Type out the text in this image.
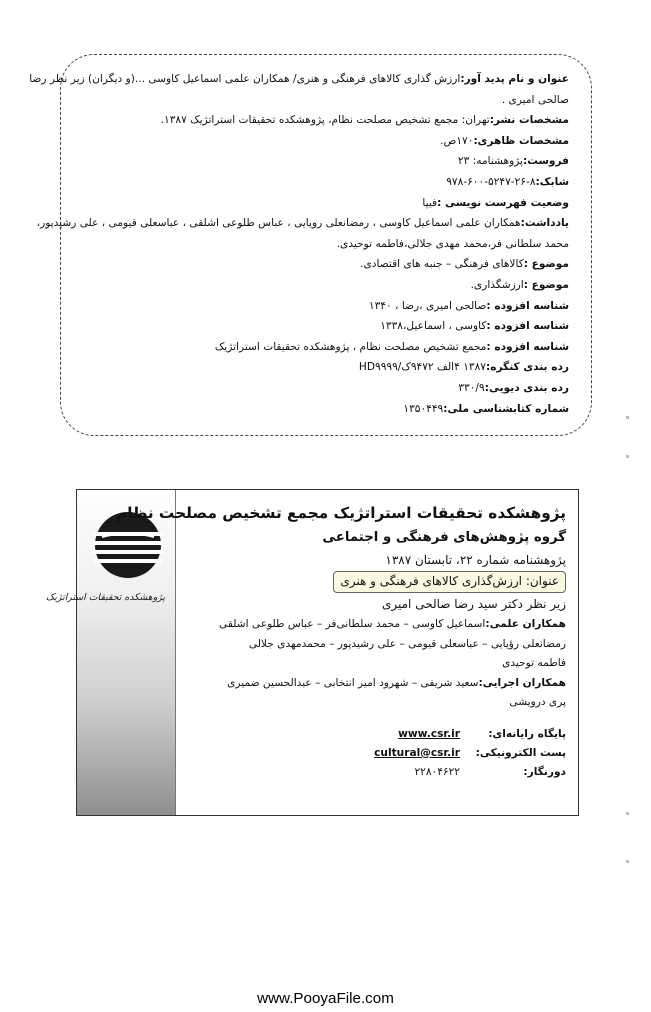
عنوان و نام پدید آور:ارزش گذاری کالاهای فرهنگی و هنری/ همکاران علمی اسماعیل کاوسی ...(و دیگران) زیر نظر رضا
صالحی امیری .
مشخصات نشر:تهران: مجمع تشخیص مصلحت نظام، پژوهشکده تحقیقات استراتژیک ۱۳۸۷.
مشخصات ظاهری:۱۷۰ص.
فروست:پژوهشنامه: ۲۳
شابک:۸-۲۶-۵۲۴۷-۶۰۰-۹۷۸
وضعیت فهرست نویسی :فیپا
یادداشت:همکاران علمی اسماعیل کاوسی ، رمضانعلی رویایی ، عباس طلوعی اشلقی ، عباسعلی قیومی ، علی رشیدپور،
محمد سلطانی فر،محمد مهدی جلالی،فاطمه توحیدی.
موضوع :کالاهای فرهنگی – جنبه های اقتصادی.
موضوع :ارزشگذاری.
شناسه افزوده :صالحی امیری ،رضا ، ۱۳۴۰
شناسه افزوده :کاوسی ، اسماعیل،۱۳۳۸
شناسه افزوده :مجمع تشخیص مصلحت نظام ، پژوهشکده تحقیقات استراتژیک
رده بندی کنگره:۱۳۸۷ ۴الف ۹۴۷۲ک/HD۹۹۹۹
رده بندی دیویی:۳۳۰/۹
شماره کتابشناسی ملی:۱۳۵۰۴۴۹
پژوهشکده تحقیقات استراتژیک
پژوهشکده تحقیقات استراتژیک مجمع تشخیص مصلحت نظام
گروه پژوهش‌های فرهنگی و اجتماعی
پژوهشنامه شماره ۲۲، تابستان ۱۳۸۷
عنوان: ارزش‌گذاری کالاهای فرهنگی و هنری
زیر نظر دکتر سید رضا صالحی امیری
همکاران علمی:اسماعیل کاوسی – محمد سلطانی‌فر – عباس طلوعی اشلقی
رمضانعلی رؤیایی – عباسعلی قیومی – علی رشیدپور – محمدمهدی جلالی
فاطمه توحیدی
همکاران اجرایی:سعید شریفی – شهرود امیر انتخابی – عبدالحسین ضمیری
پری درویشی
پایگاه رایانه‌ای:
www.csr.ir
پست الکترونیکی:
cultural@csr.ir
دورنگار:
۲۲۸۰۴۶۲۲
www.PooyaFile.com
